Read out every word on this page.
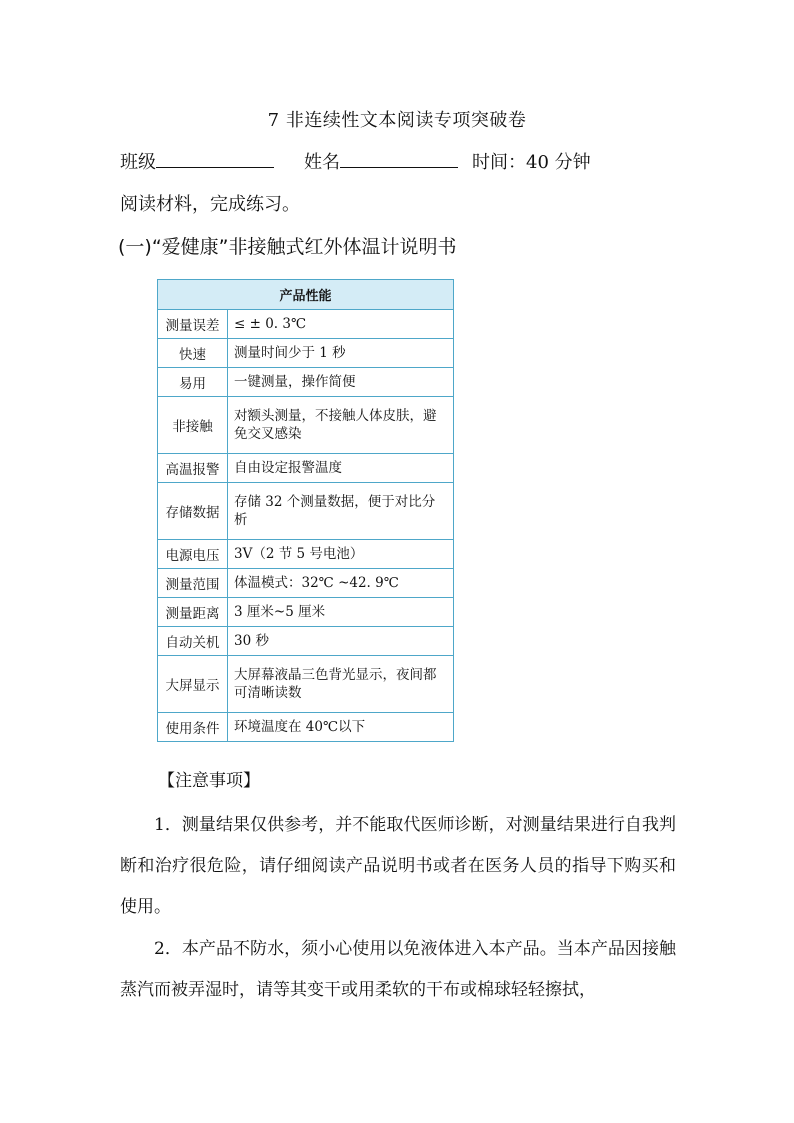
7 非连续性文本阅读专项突破卷
班级	姓名	时间：40 分钟
阅读材料，完成练习。
(一)“爱健康”非接触式红外体温计说明书
产品性能	
测量误差	≤ ± 0. 3℃
快速	测量时间少于 1 秒
易用	一键测量，操作简便
非接触	对额头测量，不接触人体皮肤，避免交叉感染
高温报警	自由设定报警温度
存储数据	存储 32 个测量数据，便于对比分析
电源电压	3V（2 节 5 号电池）
测量范围	体温模式：32℃ ~42. 9℃
测量距离	3 厘米~5 厘米
自动关机	30 秒
大屏显示	大屏幕液晶三色背光显示，夜间都可清晰读数
使用条件	环境温度在 40℃以下
【注意事项】
1．测量结果仅供参考，并不能取代医师诊断，对测量结果进行自我判断和治疗很危险，请仔细阅读产品说明书或者在医务人员的指导下购买和使用。
2．本产品不防水，须小心使用以免液体进入本产品。当本产品因接触蒸汽而被弄湿时，请等其变干或用柔软的干布或棉球轻轻擦拭，
